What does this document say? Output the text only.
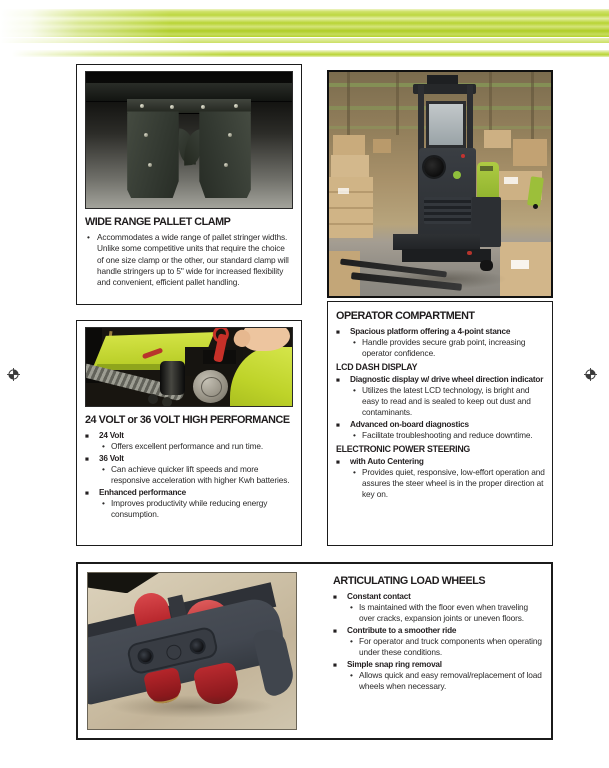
WIDE RANGE PALLET CLAMP
• Accommodates a wide range of pallet stringer widths. Unlike some competitive units that require the choice of one size clamp or the other, our standard clamp will handle stringers up to 5" wide for increased flexibility and convenient, efficient pallet handling.
24 VOLT or 36 VOLT HIGH PERFORMANCE
■ 24 Volt
• Offers excellent performance and run time.
■ 36 Volt
• Can achieve quicker lift speeds and more responsive acceleration with higher Kwh batteries.
■ Enhanced performance
• Improves productivity while reducing energy consumption.
OPERATOR COMPARTMENT
■ Spacious platform offering a 4-point stance
• Handle provides secure grab point, increasing operator confidence.
LCD DASH DISPLAY
■ Diagnostic display w/ drive wheel direction indicator
• Utilizes the latest LCD technology, is bright and easy to read and is sealed to keep out dust and contaminants.
■ Advanced on-board diagnostics
• Facilitate troubleshooting and reduce downtime.
ELECTRONIC POWER STEERING
■ with Auto Centering
• Provides quiet, responsive, low-effort operation and assures the steer wheel is in the proper direction at key on.
ARTICULATING LOAD WHEELS
■ Constant contact
• Is maintained with the floor even when traveling over cracks, expansion joints or uneven floors.
■ Contribute to a smoother ride
• For operator and truck components when operating under these conditions.
■ Simple snap ring removal
• Allows quick and easy removal/replacement of load wheels when necessary.
